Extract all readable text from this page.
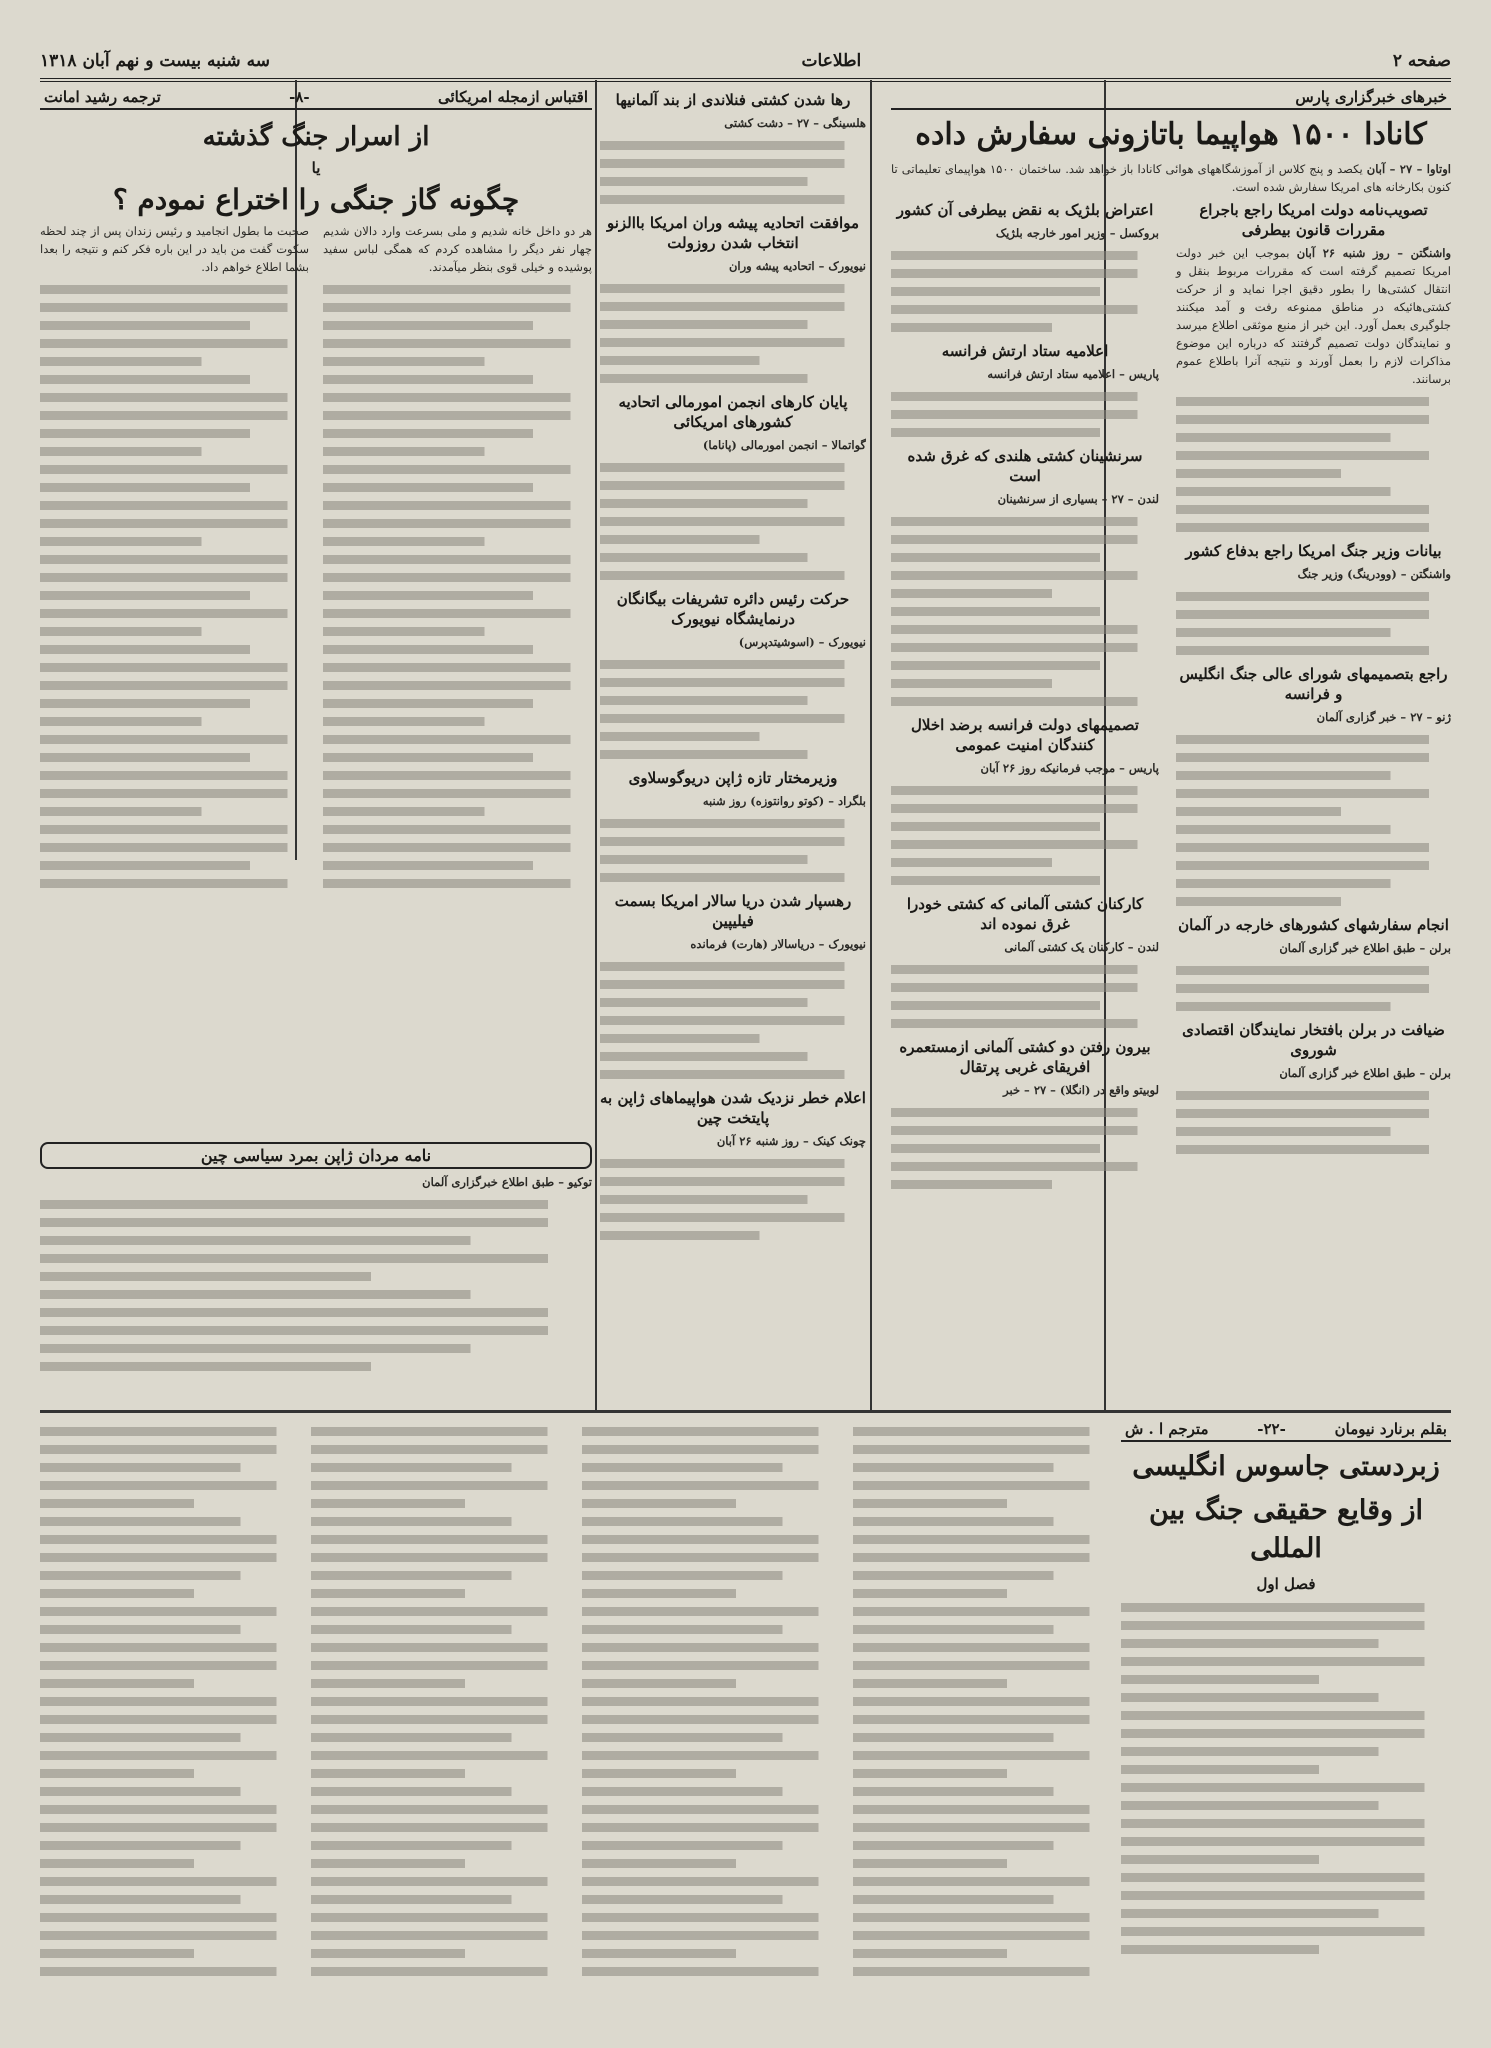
صفحه ۲
اطلاعات
سه شنبه بیست و نهم آبان ۱۳۱۸
خبرهای خبرگزاری پارس
کانادا ۱۵۰۰ هواپیما باتازونی سفارش داده

اوتاوا – ۲۷ – آبان یکصد و پنج کلاس از آموزشگاههای هوائی کانادا باز خواهد شد. ساختمان ۱۵۰۰ هواپیمای تعلیماتی تا کنون بکارخانه های امریکا سفارش شده است.

تصویب‌نامه دولت امریکا راجع باجراع مقررات قانون بیطرفی

واشنگتن – روز شنبه ۲۶ آبان بموجب این خبر دولت امریکا تصمیم گرفته است که مقررات مربوط بنقل و انتقال کشتی‌ها را بطور دقیق اجرا نماید و از حرکت کشتی‌هائیکه در مناطق ممنوعه رفت و آمد میکنند جلوگیری بعمل آورد. این خبر از منبع موثقی اطلاع میرسد و نمایندگان دولت تصمیم گرفتند که درباره این موضوع مذاکرات لازم را بعمل آورند و نتیجه آنرا باطلاع عموم برسانند.

بیانات وزیر جنگ امریکا راجع بدفاع کشور

واشنگتن – (وودرینگ) وزیر جنگ

راجع بتصمیمهای شورای عالی جنگ انگلیس و فرانسه

ژنو – ۲۷ – خبر گزاری آلمان

انجام سفارشهای کشورهای خارجه در آلمان

برلن – طبق اطلاع خبر گزاری آلمان

ضیافت در برلن بافتخار نمایندگان اقتصادی شوروی

برلن – طبق اطلاع خبر گزاری آلمان

اعتراض بلژیک به نقض بیطرفی آن کشور

بروکسل – وزیر امور خارجه بلژیک

اعلامیه ستاد ارتش فرانسه

پاریس – اعلامیه ستاد ارتش فرانسه

سرنشینان کشتی هلندی که غرق شده است

لندن – ۲۷ – بسیاری از سرنشینان

تصمیمهای دولت فرانسه برضد اخلال کنندگان امنیت عمومی

پاریس – موجب فرمانیکه روز ۲۶ آبان

کارکنان کشتی آلمانی که کشتی خودرا غرق نموده اند

لندن – کارکنان یک کشتی آلمانی

بیرون رفتن دو کشتی آلمانی ازمستعمره افریقای غربی پرتقال

لوبیتو واقع در (انگلا) – ۲۷ – خبر

رها شدن کشتی فنلاندی از بند آلمانیها

هلسینگی – ۲۷ – دشت کشتی

موافقت اتحادیه پیشه وران امریکا باالزنو انتخاب شدن روزولت

نیویورک – اتحادیه پیشه وران

پایان کارهای انجمن امورمالی اتحادیه کشورهای امریکائی

گواتمالا – انجمن امورمالی (پاناما)

حرکت رئیس دائره تشریفات بیگانگان درنمایشگاه نیویورک

نیویورک – (اسوشیتدپرس)

وزیرمختار تازه ژاپن دریوگوسلاوی

بلگراد – (کوتو روانتوزه) روز شنبه

رهسپار شدن دریا سالار امریکا بسمت فیلیپین

نیویورک – دریاسالار (هارت) فرمانده

اعلام خطر نزدیک شدن هواپیماهای ژاپن به پایتخت چین

چونک کینک – روز شنبه ۲۶ آبان

اقتباس ازمجله امریکائی
-۸-
ترجمه رشید امانت
از اسرار جنگ گذشته
یا
چگونه گاز جنگی را اختراع نمودم ؟

هر دو داخل خانه شدیم و ملی بسرعت وارد دالان شدیم چهار نفر دیگر را مشاهده کردم که همگی لباس سفید پوشیده و خیلی قوی بنظر میآمدند.

صحبت ما بطول انجامید و رئیس زندان پس از چند لحظه سکوت گفت من باید در این باره فکر کنم و نتیجه را بعدا بشما اطلاع خواهم داد.

نامه مردان ژاپن بمرد سیاسی چین

توکیو – طبق اطلاع خبرگزاری آلمان

بقلم برنارد نیومان
-۲۲-
مترجم ا . ش
زبردستی جاسوس انگلیسی
از وقایع حقیقی جنگ بین المللی
فصل اول
